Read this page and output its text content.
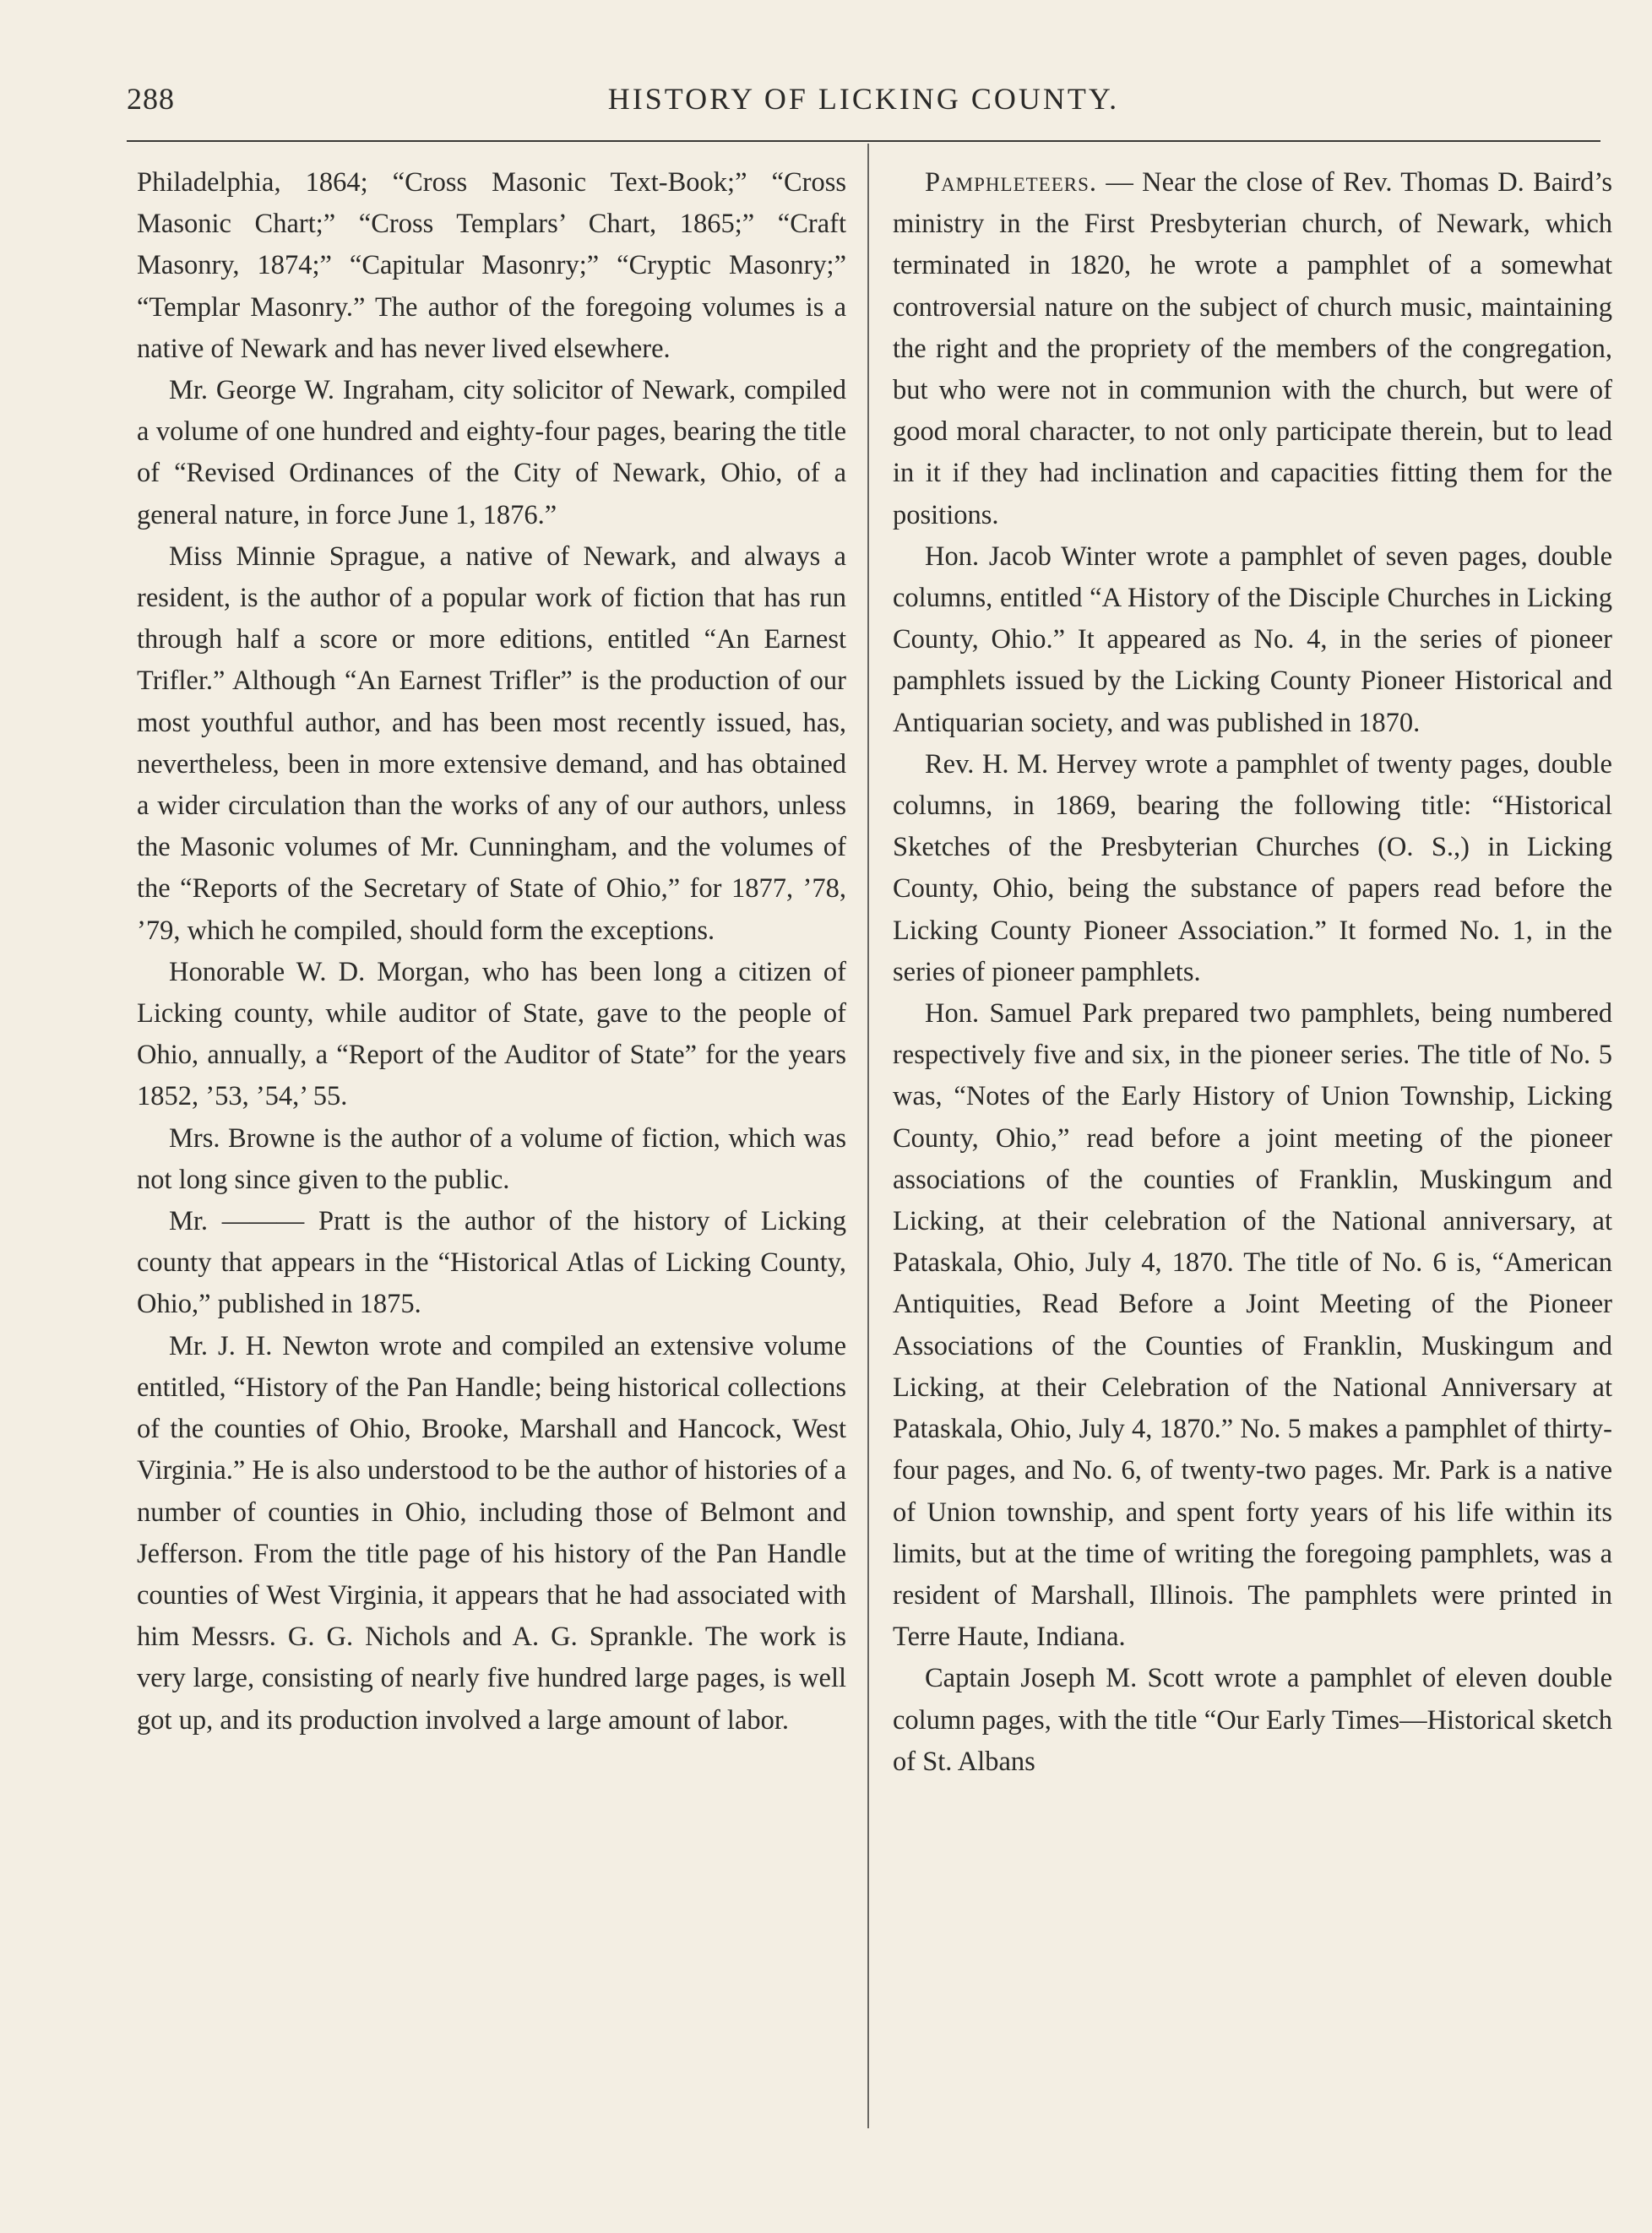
288	HISTORY OF LICKING COUNTY.

Philadelphia, 1864; “Cross Masonic Text-Book;” “Cross Masonic Chart;” “Cross Templars’ Chart, 1865;” “Craft Masonry, 1874;” “Capitular Masonry;” “Cryptic Masonry;” “Templar Masonry.” The author of the foregoing volumes is a native of Newark and has never lived elsewhere.

Mr. George W. Ingraham, city solicitor of Newark, compiled a volume of one hundred and eighty-four pages, bearing the title of “Revised Ordinances of the City of Newark, Ohio, of a general nature, in force June 1, 1876.”

Miss Minnie Sprague, a native of Newark, and always a resident, is the author of a popular work of fiction that has run through half a score or more editions, entitled “An Earnest Trifler.” Although “An Earnest Trifler” is the production of our most youthful author, and has been most recently issued, has, nevertheless, been in more extensive demand, and has obtained a wider circulation than the works of any of our authors, unless the Masonic volumes of Mr. Cunningham, and the volumes of the “Reports of the Secretary of State of Ohio,” for 1877, ’78, ’79, which he compiled, should form the exceptions.

Honorable W. D. Morgan, who has been long a citizen of Licking county, while auditor of State, gave to the people of Ohio, annually, a “Report of the Auditor of State” for the years 1852, ’53, ’54,’ 55.

Mrs. Browne is the author of a volume of fiction, which was not long since given to the public.

Mr. ——— Pratt is the author of the history of Licking county that appears in the “Historical Atlas of Licking County, Ohio,” published in 1875.

Mr. J. H. Newton wrote and compiled an extensive volume entitled, “History of the Pan Handle; being historical collections of the counties of Ohio, Brooke, Marshall and Hancock, West Virginia.” He is also understood to be the author of histories of a number of counties in Ohio, including those of Belmont and Jefferson. From the title page of his history of the Pan Handle counties of West Virginia, it appears that he had associated with him Messrs. G. G. Nichols and A. G. Sprankle. The work is very large, consisting of nearly five hundred large pages, is well got up, and its production involved a large amount of labor.

Pamphleteers. — Near the close of Rev. Thomas D. Baird’s ministry in the First Presbyterian church, of Newark, which terminated in 1820, he wrote a pamphlet of a somewhat controversial nature on the subject of church music, maintaining the right and the propriety of the members of the congregation, but who were not in communion with the church, but were of good moral character, to not only participate therein, but to lead in it if they had inclination and capacities fitting them for the positions.

Hon. Jacob Winter wrote a pamphlet of seven pages, double columns, entitled “A History of the Disciple Churches in Licking County, Ohio.” It appeared as No. 4, in the series of pioneer pamphlets issued by the Licking County Pioneer Historical and Antiquarian society, and was published in 1870.

Rev. H. M. Hervey wrote a pamphlet of twenty pages, double columns, in 1869, bearing the following title: “Historical Sketches of the Presbyterian Churches (O. S.,) in Licking County, Ohio, being the substance of papers read before the Licking County Pioneer Association.” It formed No. 1, in the series of pioneer pamphlets.

Hon. Samuel Park prepared two pamphlets, being numbered respectively five and six, in the pioneer series. The title of No. 5 was, “Notes of the Early History of Union Township, Licking County, Ohio,” read before a joint meeting of the pioneer associations of the counties of Franklin, Muskingum and Licking, at their celebration of the National anniversary, at Pataskala, Ohio, July 4, 1870. The title of No. 6 is, “American Antiquities, Read Before a Joint Meeting of the Pioneer Associations of the Counties of Franklin, Muskingum and Licking, at their Celebration of the National Anniversary at Pataskala, Ohio, July 4, 1870.” No. 5 makes a pamphlet of thirty-four pages, and No. 6, of twenty-two pages. Mr. Park is a native of Union township, and spent forty years of his life within its limits, but at the time of writing the foregoing pamphlets, was a resident of Marshall, Illinois. The pamphlets were printed in Terre Haute, Indiana.

Captain Joseph M. Scott wrote a pamphlet of eleven double column pages, with the title “Our Early Times—Historical sketch of St. Albans
